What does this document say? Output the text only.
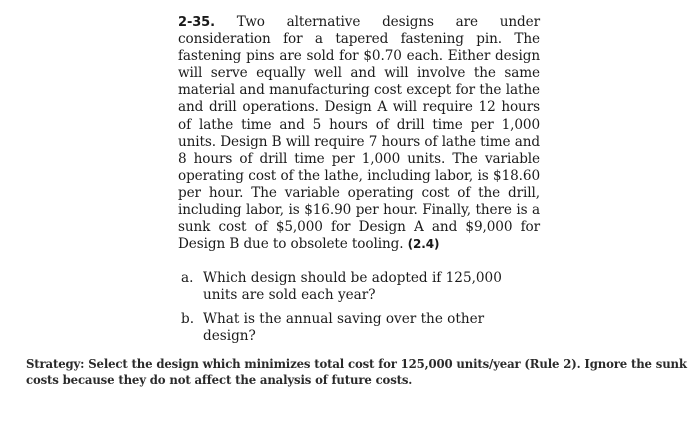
2-35. Two alternative designs are under consideration for a tapered fastening pin. The fastening pins are sold for $0.70 each. Either design will serve equally well and will involve the same material and manufacturing cost except for the lathe and drill operations. Design A will require 12 hours of lathe time and 5 hours of drill time per 1,000 units. Design B will require 7 hours of lathe time and 8 hours of drill time per 1,000 units. The variable operating cost of the lathe, including labor, is $18.60 per hour. The variable operating cost of the drill, including labor, is $16.90 per hour. Finally, there is a sunk cost of $5,000 for Design A and $9,000 for Design B due to obsolete tooling. (2.4)
a. Which design should be adopted if 125,000 units are sold each year?
b. What is the annual saving over the other design?
Strategy: Select the design which minimizes total cost for 125,000 units/year (Rule 2). Ignore the sunk costs because they do not affect the analysis of future costs.
